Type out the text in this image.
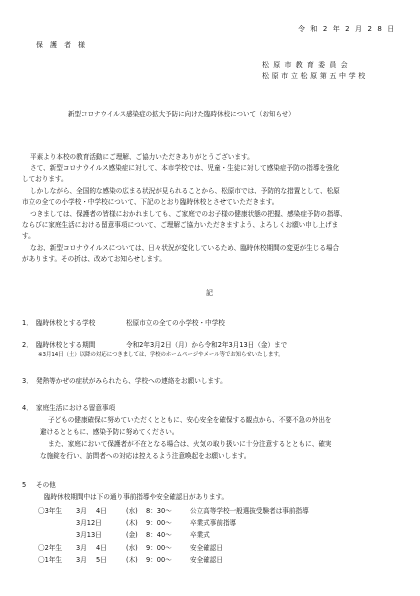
令 和 2 年 2 月 2 8 日
保　護　者　様
松 原 市 教 育 委 員 会
松 原 市 立 松 原 第 五 中 学 校
新型コロナウイルス感染症の拡大予防に向けた臨時休校について（お知らせ）
平素より本校の教育活動にご理解、ご協力いただきありがとうございます。
さて、新型コロナウイルス感染症に対して、本市学校では、児童・生徒に対して感染症予防の指導を強化
しております。
しかしながら、全国的な感染の広まる状況が見られることから、松原市では、予防的な措置として、松原
市立の全ての小学校・中学校について、下記のとおり臨時休校とさせていただきます。
つきましては、保護者の皆様におかれましても、ご家庭でのお子様の健康状態の把握、感染症予防の指導、
ならびに家庭生活における留意事項について、ご理解ご協力いただきますよう、よろしくお願い申し上げま
す。
なお、新型コロナウイルスについては、日々状況が変化しているため、臨時休校期間の変更が生じる場合
があります。その折は、改めてお知らせします。
記
1． 臨時休校とする学校	松原市立の全ての小学校・中学校
2． 臨時休校とする期間	令和2年3月2日（月）から令和2年3月13日（金）まで
※3月14日（土）以降の対応につきましては、学校のホームページやメール等でお知らせいたします。
3． 発熱等かぜの症状がみられたら、学校への連絡をお願いします。
4． 家庭生活における留意事項
子どもの健康確保に努めていただくとともに、安心安全を確保する観点から、不要不急の外出を
避けるとともに、感染予防に努めてください。
また、家庭において保護者が不在となる場合は、火気の取り扱いに十分注意するとともに、確実
な施錠を行い、訪問者への対応は控えるよう注意喚起をお願いします。
5 その他
臨時休校期間中は下の通り事前指導や安全確認日があります。
〇3年生 3月 4日	(水) 8：30～	公立高等学校一般選抜受験者は事前指導
3月12日	(木) 9：00～	卒業式事前指導
3月13日	(金) 8：40～	卒業式
〇2年生 3月 4日	(水) 9：00～	安全確認日
〇1年生 3月 5日	(木) 9：00～	安全確認日
